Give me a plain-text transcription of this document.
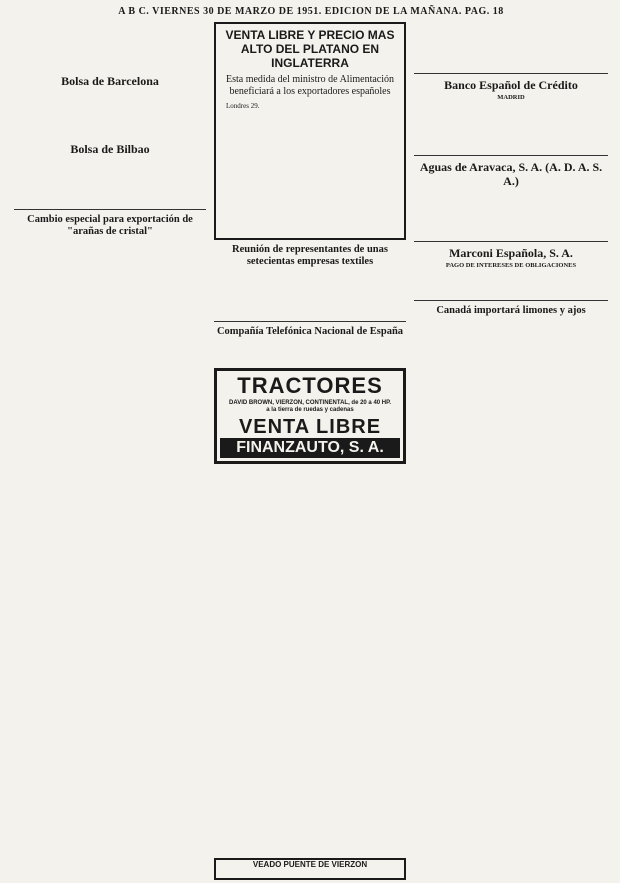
A B C. VIERNES 30 DE MARZO DE 1951. EDICION DE LA MAÑANA. PAG. 18

Bolsa de Barcelona

Bolsa de Bilbao

Cambio especial para exportación de "arañas de cristal"

VENTA LIBRE Y PRECIO MAS ALTO DEL PLATANO EN INGLATERRA
Esta medida del ministro de Alimentación beneficiará a los exportadores españoles

Londres 29.

Reunión de representantes de unas setecientas empresas textiles

Compañía Telefónica Nacional de España

TRACTORES
DAVID BROWN, VIERZON, CONTINENTAL, de 20 a 40 HP. a la tierra de ruedas y cadenas
VENTA LIBRE
FINANZAUTO, S. A.
VEADO PUENTE DE VIERZON

Banco Español de Crédito
MADRID

Aguas de Aravaca, S. A. (A. D. A. S. A.)

Marconi Española, S. A.
PAGO DE INTERESES DE OBLIGACIONES

Canadá importará limones y ajos
